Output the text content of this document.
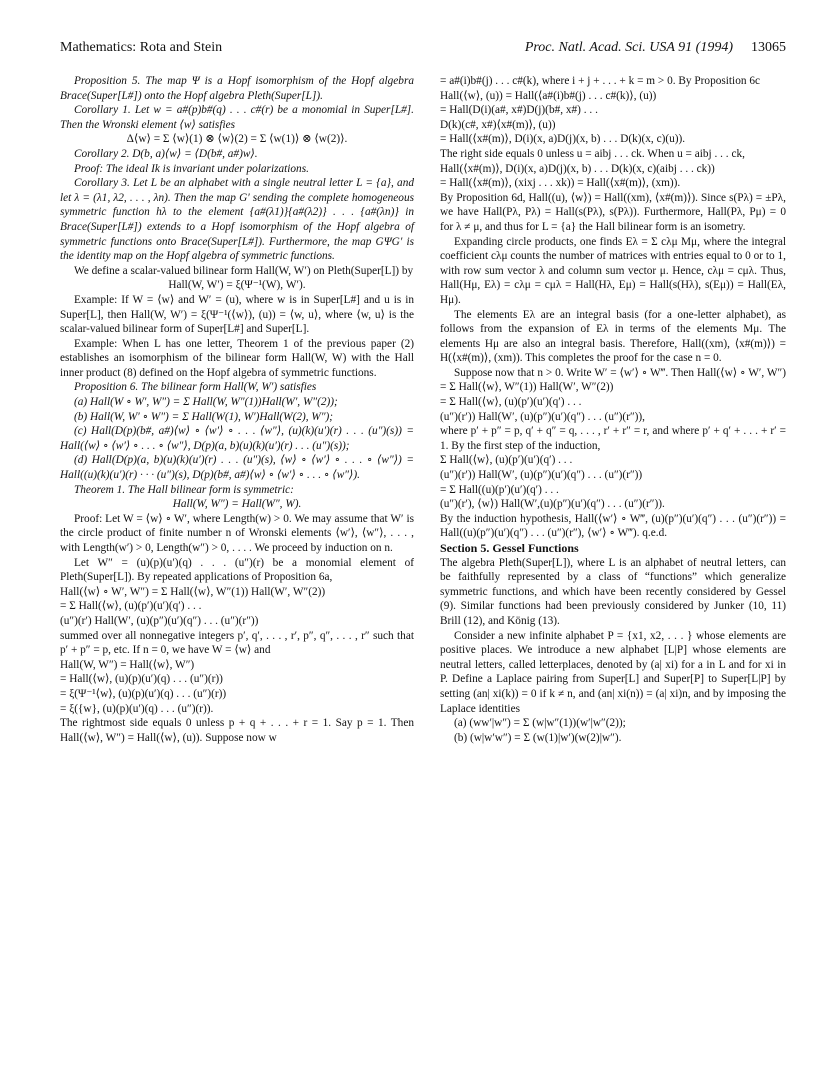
Mathematics: Rota and Stein	Proc. Natl. Acad. Sci. USA 91 (1994) 13065

Proposition 5. The map Ψ is a Hopf isomorphism of the Hopf algebra Brace(Super[L#]) onto the Hopf algebra Pleth(Super[L]).

Corollary 1. Let w = a#(p)b#(q) . . . c#(r) be a monomial in Super[L#]. Then the Wronski element ⟨w⟩ satisfies

Δ⟨w⟩ = Σ ⟨w⟩(1) ⊗ ⟨w⟩(2) = Σ ⟨w(1)⟩ ⊗ ⟨w(2)⟩.

Corollary 2. D(b, a)⟨w⟩ = ⟨D(b#, a#)w⟩.

Proof: The ideal Ik is invariant under polarizations.

Corollary 3. Let L be an alphabet with a single neutral letter L = {a}, and let λ = (λ1, λ2, . . . , λn). Then the map G′ sending the complete homogeneous symmetric function hλ to the element {a#(λ1)}{a#(λ2)} . . . {a#(λn)} in Brace(Super[L#]) extends to a Hopf isomorphism of the Hopf algebra of symmetric functions onto Brace(Super[L#]). Furthermore, the map GΨG′ is the identity map on the Hopf algebra of symmetric functions.

We define a scalar-valued bilinear form Hall(W, W′) on Pleth(Super[L]) by

Hall(W, W′) = ξ(Ψ⁻¹(W), W′).

Example: If W = ⟨w⟩ and W′ = (u), where w is in Super[L#] and u is in Super[L], then Hall(W, W′) = ξ(Ψ⁻¹(⟨w⟩), (u)) = ⟨w, u⟩, where ⟨w, u⟩ is the scalar-valued bilinear form of Super[L#] and Super[L].

Example: When L has one letter, Theorem 1 of the previous paper (2) establishes an isomorphism of the bilinear form Hall(W, W) with the Hall inner product (8) defined on the Hopf algebra of symmetric functions.

Proposition 6. The bilinear form Hall(W, W′) satisfies

(a) Hall(W ∘ W′, W″) = Σ Hall(W, W″(1))Hall(W′, W″(2));

(b) Hall(W, W′ ∘ W″) = Σ Hall(W(1), W′)Hall(W(2), W″);

(c) Hall(D(p)(b#, a#)⟨w⟩ ∘ ⟨w′⟩ ∘ . . . ⟨w″⟩, (u)(k)(u′)(r) . . . (u″)(s)) = Hall(⟨w⟩ ∘ ⟨w′⟩ ∘ . . . ∘ ⟨w″⟩, D(p)(a, b)(u)(k)(u′)(r) . . . (u″)(s));

(d) Hall(D(p)(a, b)(u)(k)(u′)(r) . . . (u″)(s), ⟨w⟩ ∘ ⟨w′⟩ ∘ . . . ∘ ⟨w″⟩) = Hall((u)(k)(u′)(r) · · · (u″)(s), D(p)(b#, a#)⟨w⟩ ∘ ⟨w′⟩ ∘ . . . ∘ ⟨w″⟩).

Theorem 1. The Hall bilinear form is symmetric:

Hall(W, W″) = Hall(W″, W).

Proof: Let W = ⟨w⟩ ∘ W′, where Length(w) > 0. We may assume that W′ is the circle product of finite number n of Wronski elements ⟨w′⟩, ⟨w″⟩, . . . , with Length(w′) > 0, Length(w″) > 0, . . . . We proceed by induction on n.

Let W″ = (u)(p)(u′)(q) . . . (u″)(r) be a monomial element of Pleth(Super[L]). By repeated applications of Proposition 6a,

Hall(⟨w⟩ ∘ W′, W″) = Σ Hall(⟨w⟩, W″(1)) Hall(W′, W″(2))

= Σ Hall(⟨w⟩, (u)(p′)(u′)(q′) . . .

(u″)(r′) Hall(W′, (u)(p″)(u′)(q″) . . . (u″)(r″))

summed over all nonnegative integers p′, q′, . . . , r′, p″, q″, . . . , r″ such that p′ + p″ = p, etc. If n = 0, we have W = ⟨w⟩ and

Hall(W, W″) = Hall(⟨w⟩, W″)

= Hall(⟨w⟩, (u)(p)(u′)(q) . . . (u″)(r))

= ξ(Ψ⁻¹⟨w⟩, (u)(p)(u′)(q) . . . (u″)(r))

= ξ({w}, (u)(p)(u′)(q) . . . (u″)(r)).

The rightmost side equals 0 unless p + q + . . . + r = 1. Say p = 1. Then Hall(⟨w⟩, W″) = Hall(⟨w⟩, (u)). Suppose now w

= a#(i)b#(j) . . . c#(k), where i + j + . . . + k = m > 0. By Proposition 6c

Hall(⟨w⟩, (u)) = Hall(⟨a#(i)b#(j) . . . c#(k)⟩, (u))

= Hall(D(i)(a#, x#)D(j)(b#, x#) . . .

D(k)(c#, x#)⟨x#(m)⟩, (u))

= Hall(⟨x#(m)⟩, D(i)(x, a)D(j)(x, b) . . . D(k)(x, c)(u)).

The right side equals 0 unless u = aibj . . . ck. When u = aibj . . . ck,

Hall(⟨x#(m)⟩, D(i)(x, a)D(j)(x, b) . . . D(k)(x, c)(aibj . . . ck))

= Hall(⟨x#(m)⟩, (xixj . . . xk)) = Hall(⟨x#(m)⟩, (xm)).

By Proposition 6d, Hall((u), ⟨w⟩) = Hall((xm), ⟨x#(m)⟩). Since s(Pλ) = ±Pλ, we have Hall(Pλ, Pλ) = Hall(s(Pλ), s(Pλ)). Furthermore, Hall(Pλ, Pμ) = 0 for λ ≠ μ, and thus for L = {a} the Hall bilinear form is an isometry.

Expanding circle products, one finds Eλ = Σ cλμ Mμ, where the integral coefficient cλμ counts the number of matrices with entries equal to 0 or to 1, with row sum vector λ and column sum vector μ. Hence, cλμ = cμλ. Thus, Hall(Hμ, Eλ) = cλμ = cμλ = Hall(Hλ, Eμ) = Hall(s(Hλ), s(Eμ)) = Hall(Eλ, Hμ).

The elements Eλ are an integral basis (for a one-letter alphabet), as follows from the expansion of Eλ in terms of the elements Mμ. The elements Hμ are also an integral basis. Therefore, Hall((xm), ⟨x#(m)⟩) = H(⟨x#(m)⟩, (xm)). This completes the proof for the case n = 0.

Suppose now that n > 0. Write W′ = ⟨w′⟩ ∘ W‴. Then Hall(⟨w⟩ ∘ W′, W″) = Σ Hall(⟨w⟩, W″(1)) Hall(W′, W″(2))

= Σ Hall(⟨w⟩, (u)(p′)(u′)(q′) . . .

(u″)(r′)) Hall(W′, (u)(p″)(u′)(q″) . . . (u″)(r″)),

where p′ + p″ = p, q′ + q″ = q, . . . , r′ + r″ = r, and where p′ + q′ + . . . + r′ = 1. By the first step of the induction,

Σ Hall(⟨w⟩, (u)(p′)(u′)(q′) . . .

(u″)(r′)) Hall(W′, (u)(p″)(u′)(q″) . . . (u″)(r″))

= Σ Hall((u)(p′)(u′)(q′) . . .

(u″)(r′), ⟨w⟩) Hall(W′,(u)(p″)(u′)(q″) . . . (u″)(r″)).

By the induction hypothesis, Hall(⟨w′⟩ ∘ W‴, (u)(p″)(u′)(q″) . . . (u″)(r″)) = Hall((u)(p″)(u′)(q″) . . . (u″)(r″), ⟨w′⟩ ∘ W‴). q.e.d.

Section 5. Gessel Functions

The algebra Pleth(Super[L]), where L is an alphabet of neutral letters, can be faithfully represented by a class of “functions” which generalize symmetric functions, and which have been recently considered by Gessel (9). Similar functions had been previously considered by Junker (10, 11) Brill (12), and König (13).

Consider a new infinite alphabet P = {x1, x2, . . . } whose elements are positive places. We introduce a new alphabet [L|P] whose elements are neutral letters, called letterplaces, denoted by (a| xi) for a in L and for xi in P. Define a Laplace pairing from Super[L] and Super[P] to Super[L|P] by setting (an| xi(k)) = 0 if k ≠ n, and (an| xi(n)) = (a| xi)n, and by imposing the Laplace identities

(a) (ww′|w″) = Σ (w|w″(1))(w′|w″(2));

(b) (w|w′w″) = Σ (w(1)|w′)(w(2)|w″).
